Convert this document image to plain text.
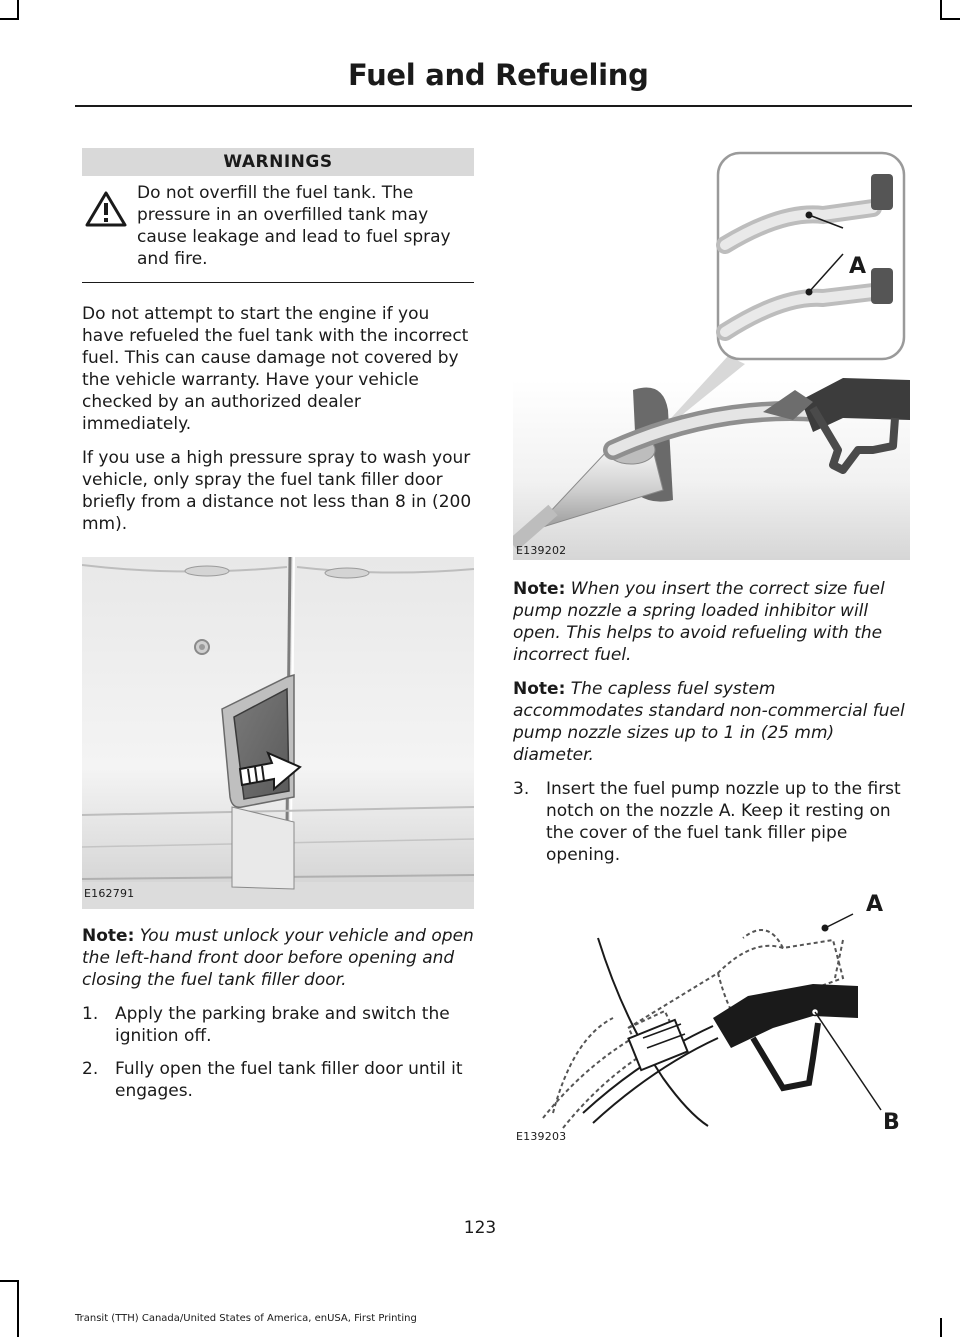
Fuel and Refueling
WARNINGS

Do not overfill the fuel tank. The pressure in an overfilled tank may cause leakage and lead to fuel spray and fire.

Do not attempt to start the engine if you have refueled the fuel tank with the incorrect fuel. This can cause damage not covered by the vehicle warranty. Have your vehicle checked by an authorized dealer immediately.

If you use a high pressure spray to wash your vehicle, only spray the fuel tank filler door briefly from a distance not less than 8 in (200 mm).

E162791

Note: You must unlock your vehicle and open the left-hand front door before opening and closing the fuel tank filler door.

1. Apply the parking brake and switch the ignition off.
2. Fully open the fuel tank filler door until it engages.
A
E139202

Note: When you insert the correct size fuel pump nozzle a spring loaded inhibitor will open. This helps to avoid refueling with the incorrect fuel.

Note: The capless fuel system accommodates standard non-commercial fuel pump nozzle sizes up to 1 in (25 mm) diameter.

3. Insert the fuel pump nozzle up to the first notch on the nozzle A. Keep it resting on the cover of the fuel tank filler pipe opening.
A
B
E139203
123
Transit (TTH) Canada/United States of America, enUSA, First Printing
